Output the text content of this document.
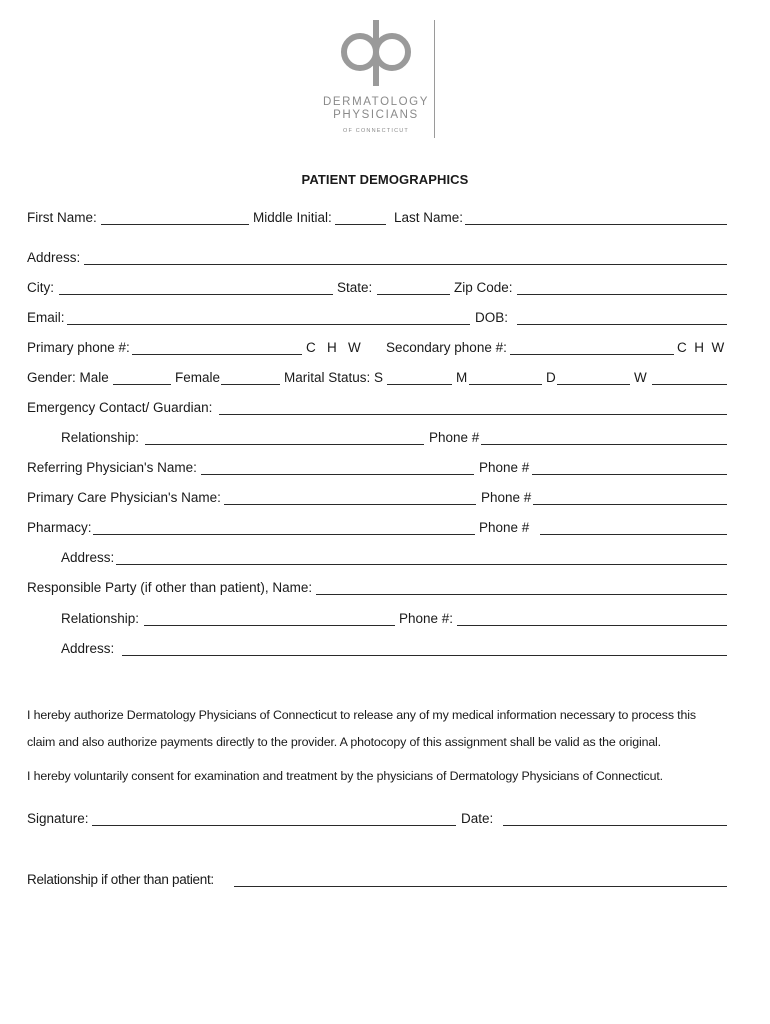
DERMATOLOGY
PHYSICIANS
OF CONNECTICUT
PATIENT DEMOGRAPHICS
First Name:	Middle Initial:	Last Name:
Address:
City:	State:	Zip Code:
Email:	DOB:
Primary phone #:	C   H   W Secondary phone #:	C  H  W
Gender: Male	Female	Marital Status: S	M	D	W
Emergency Contact/ Guardian:
Relationship:	Phone #
Referring Physician's Name:	Phone #
Primary Care Physician's Name:	Phone #
Pharmacy:	Phone #
Address:
Responsible Party (if other than patient), Name:
Relationship:	Phone #:
Address:
I hereby authorize Dermatology Physicians of Connecticut to release any of my medical information necessary to process this
claim and also authorize payments directly to the provider. A photocopy of this assignment shall be valid as the original.
I hereby voluntarily consent for examination and treatment by the physicians of Dermatology Physicians of Connecticut.
Signature:	Date:
Relationship if other than patient:
